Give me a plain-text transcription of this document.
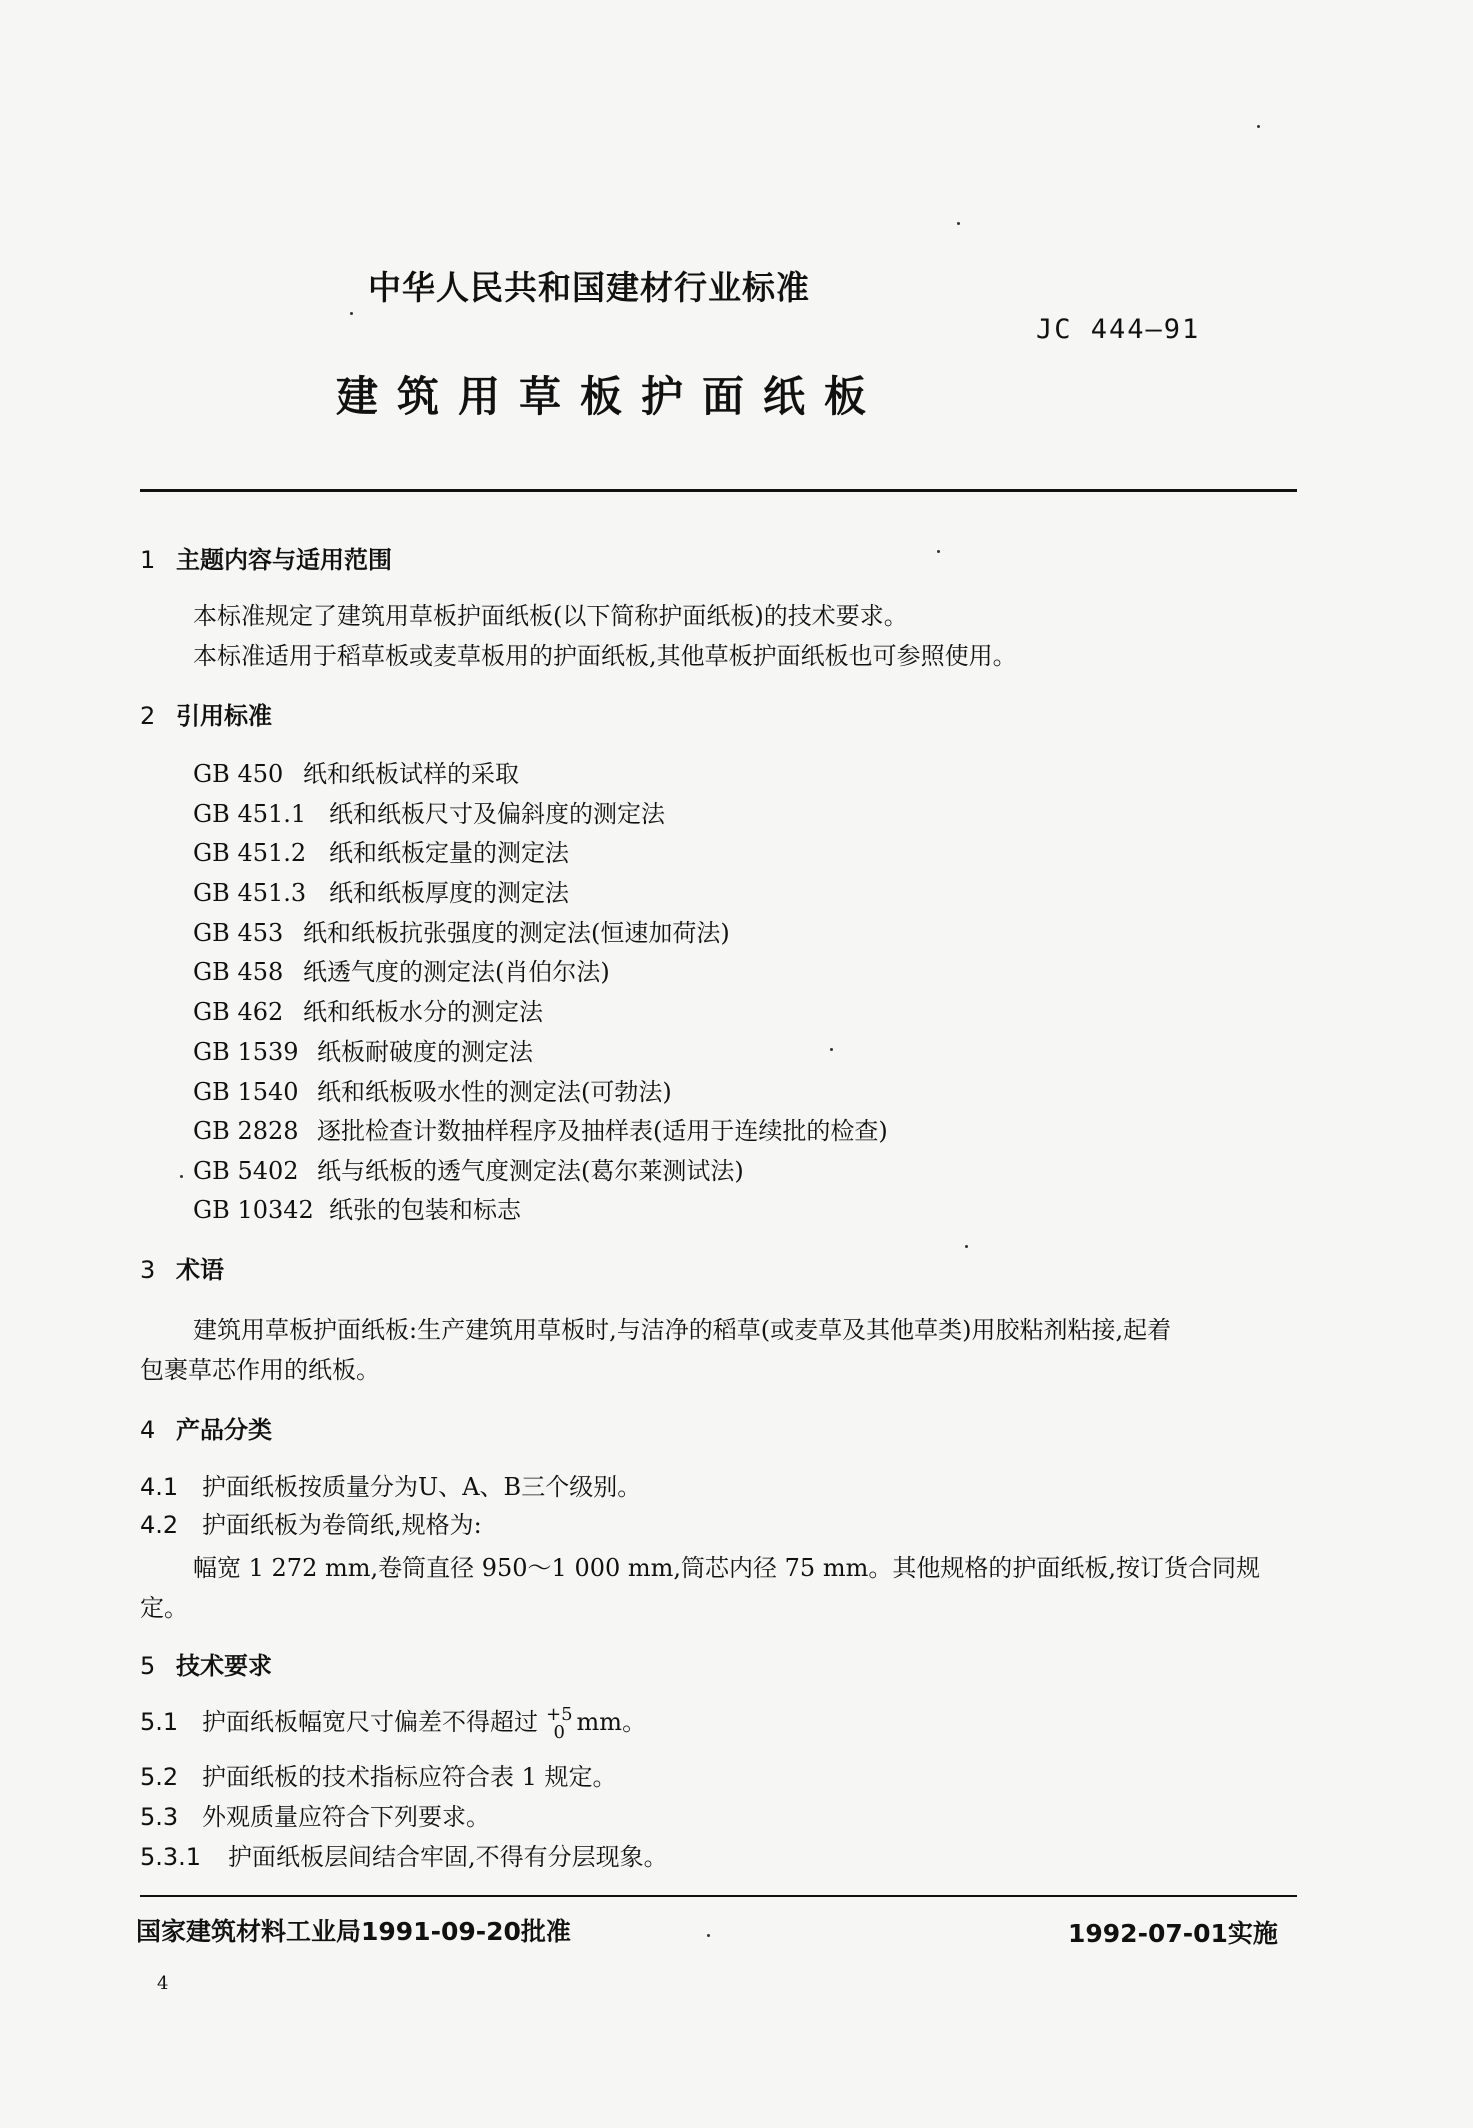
中华人民共和国建材行业标准
JC 444—91
建筑用草板护面纸板
1 主题内容与适用范围
本标准规定了建筑用草板护面纸板(以下简称护面纸板)的技术要求。
本标准适用于稻草板或麦草板用的护面纸板,其他草板护面纸板也可参照使用。
2 引用标准
GB 450 纸和纸板试样的采取
GB 451.1 纸和纸板尺寸及偏斜度的测定法
GB 451.2 纸和纸板定量的测定法
GB 451.3 纸和纸板厚度的测定法
GB 453 纸和纸板抗张强度的测定法(恒速加荷法)
GB 458 纸透气度的测定法(肖伯尔法)
GB 462 纸和纸板水分的测定法
GB 1539 纸板耐破度的测定法
GB 1540 纸和纸板吸水性的测定法(可勃法)
GB 2828 逐批检查计数抽样程序及抽样表(适用于连续批的检查)
GB 5402 纸与纸板的透气度测定法(葛尔莱测试法)
GB 10342 纸张的包装和标志
3 术语
建筑用草板护面纸板:生产建筑用草板时,与洁净的稻草(或麦草及其他草类)用胶粘剂粘接,起着
包裹草芯作用的纸板。
4 产品分类
4.1 护面纸板按质量分为U、A、B三个级别。
4.2 护面纸板为卷筒纸,规格为:
幅宽 1 272 mm,卷筒直径 950～1 000 mm,筒芯内径 75 mm。其他规格的护面纸板,按订货合同规
定。
5 技术要求
5.1 护面纸板幅宽尺寸偏差不得超过 +5
0 mm。
5.2 护面纸板的技术指标应符合表 1 规定。
5.3 外观质量应符合下列要求。
5.3.1 护面纸板层间结合牢固,不得有分层现象。
国家建筑材料工业局1991-09-20批准	1992-07-01实施
4
